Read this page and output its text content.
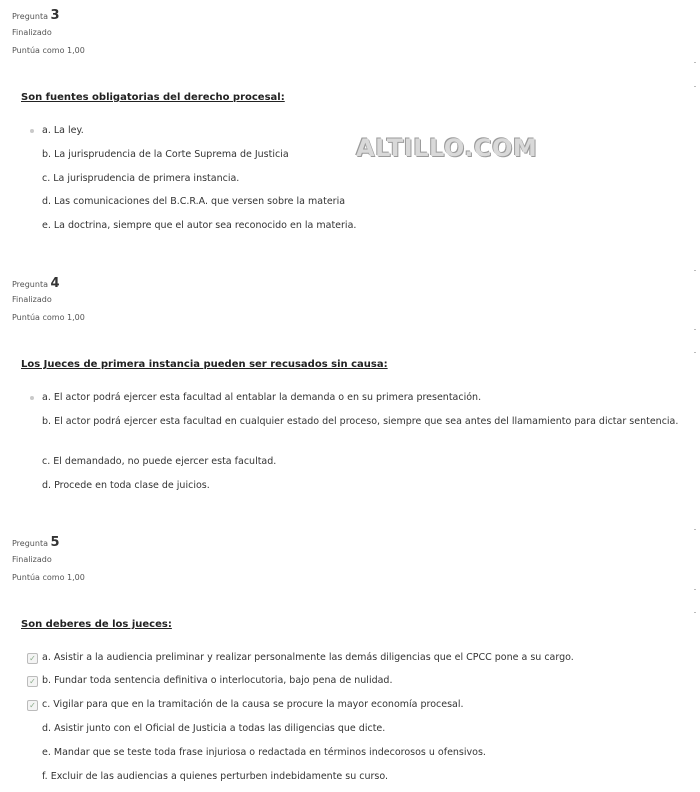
ALTILLO.COM
Pregunta 3
Finalizado
Puntúa como 1,00
Son fuentes obligatorias del derecho procesal:
a. La ley.
b. La jurisprudencia de la Corte Suprema de Justicia
c. La jurisprudencia de primera instancia.
d. Las comunicaciones del B.C.R.A. que versen sobre la materia
e. La doctrina, siempre que el autor sea reconocido en la materia.
Pregunta 4
Finalizado
Puntúa como 1,00
Los Jueces de primera instancia pueden ser recusados sin causa:
a. El actor podrá ejercer esta facultad al entablar la demanda o en su primera presentación.
b. El actor podrá ejercer esta facultad en cualquier estado del proceso, siempre que sea antes del llamamiento para dictar sentencia.
c. El demandado, no puede ejercer esta facultad.
d. Procede en toda clase de juicios.
Pregunta 5
Finalizado
Puntúa como 1,00
Son deberes de los jueces:
✓ a. Asistir a la audiencia preliminar y realizar personalmente las demás diligencias que el CPCC pone a su cargo.
✓ b. Fundar toda sentencia definitiva o interlocutoria, bajo pena de nulidad.
✓ c. Vigilar para que en la tramitación de la causa se procure la mayor economía procesal.
d. Asistir junto con el Oficial de Justicia a todas las diligencias que dicte.
e. Mandar que se teste toda frase injuriosa o redactada en términos indecorosos u ofensivos.
f. Excluir de las audiencias a quienes perturben indebidamente su curso.
